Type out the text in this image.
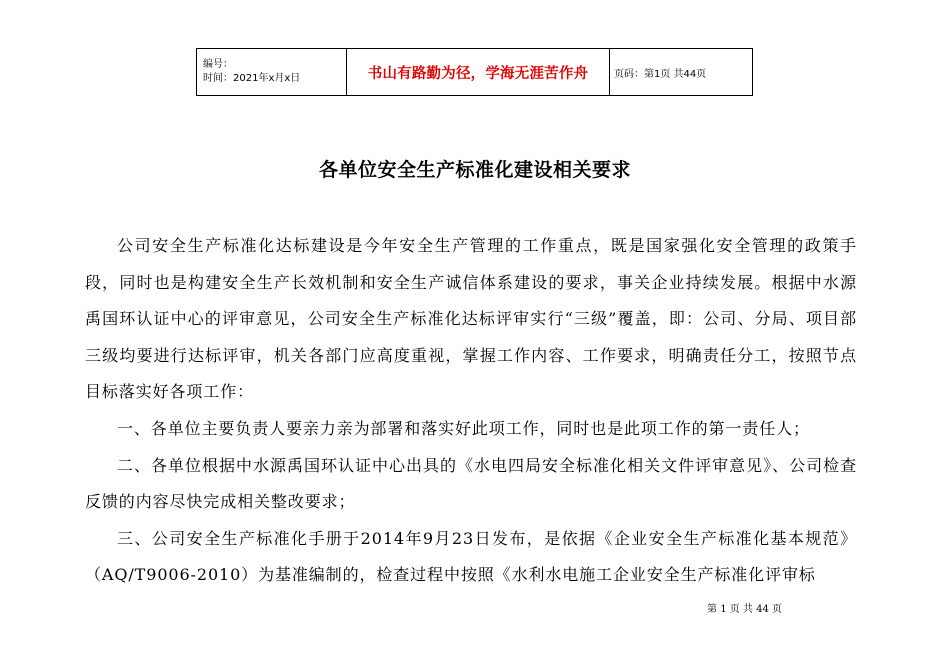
编号：
时间：2021年x月x日	书山有路勤为径，学海无涯苦作舟	页码：第1页 共44页
各单位安全生产标准化建设相关要求

公司安全生产标准化达标建设是今年安全生产管理的工作重点，既是国家强化安全管理的政策手段，同时也是构建安全生产长效机制和安全生产诚信体系建设的要求，事关企业持续发展。根据中水源禹国环认证中心的评审意见，公司安全生产标准化达标评审实行“三级”覆盖，即：公司、分局、项目部三级均要进行达标评审，机关各部门应高度重视，掌握工作内容、工作要求，明确责任分工，按照节点目标落实好各项工作：

一、各单位主要负责人要亲力亲为部署和落实好此项工作，同时也是此项工作的第一责任人；

二、各单位根据中水源禹国环认证中心出具的《水电四局安全标准化相关文件评审意见》、公司检查反馈的内容尽快完成相关整改要求；

三、公司安全生产标准化手册于2014年9月23日发布，是依据《企业安全生产标准化基本规范》（AQ/T9006-2010）为基准编制的，检查过程中按照《水利水电施工企业安全生产标准化评审标

第 1 页 共 44 页
